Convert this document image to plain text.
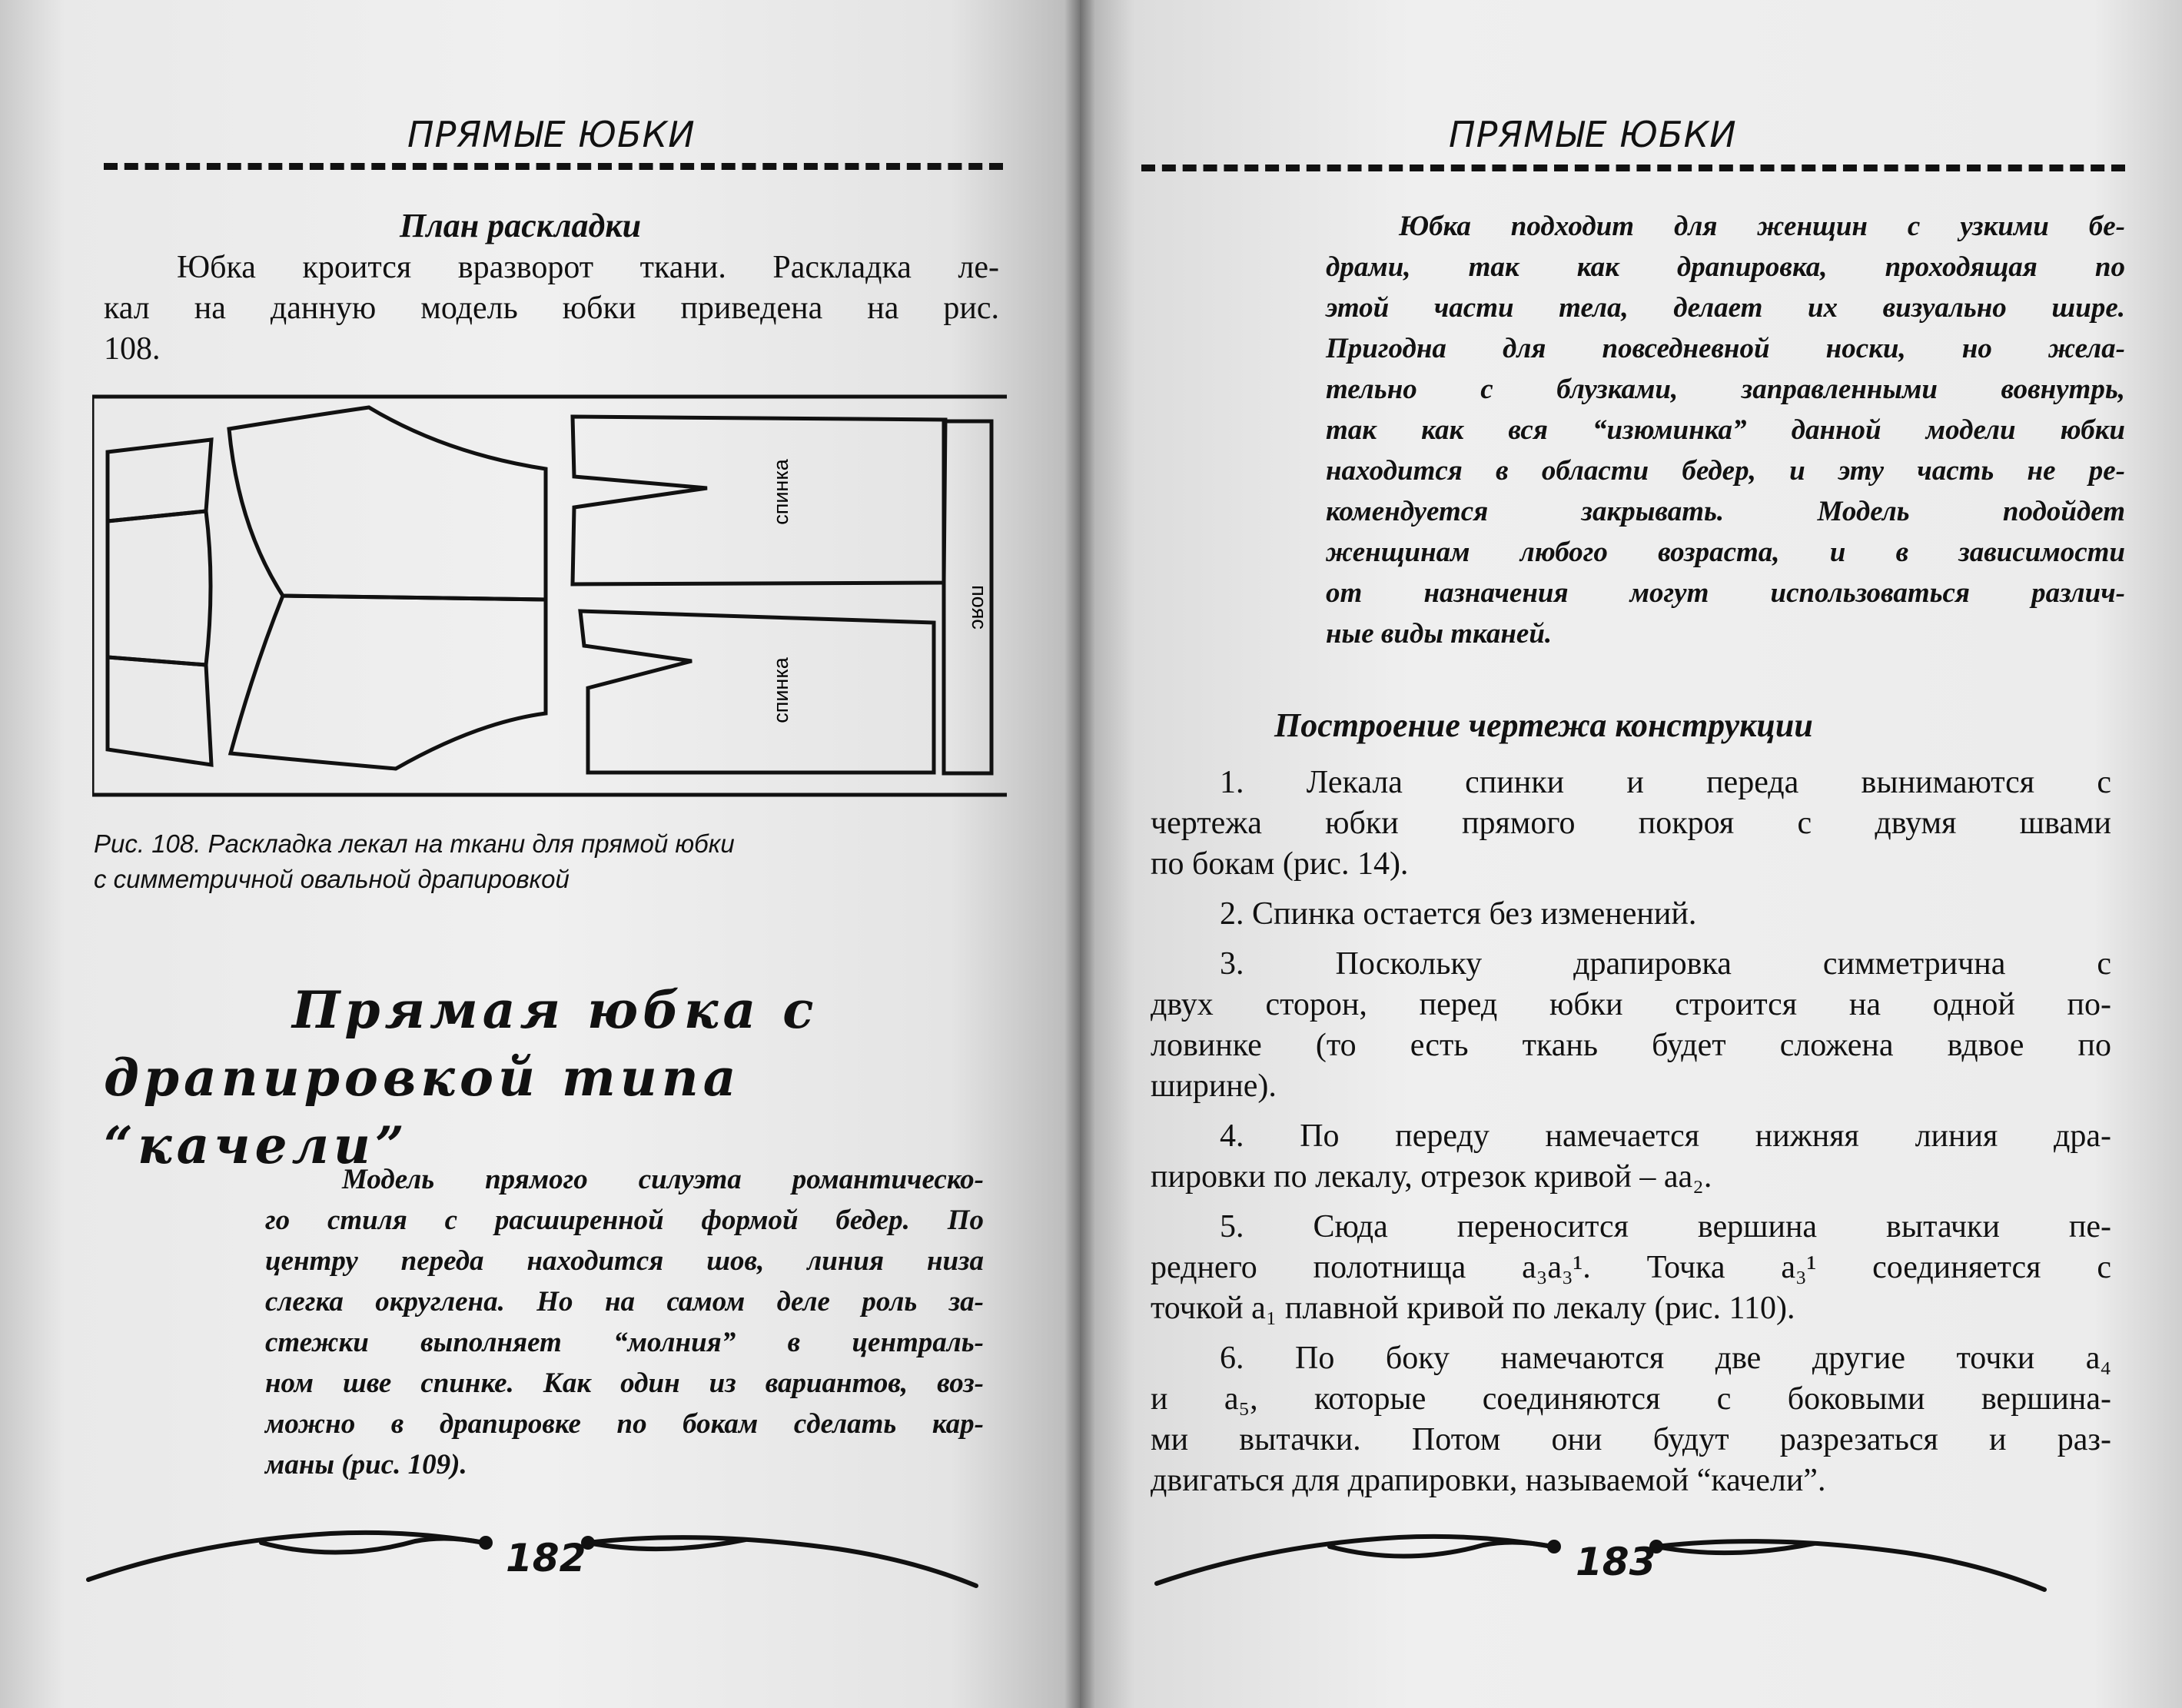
ПРЯМЫЕ ЮБКИ
План раскладки
Юбка кроится вразворот ткани. Раскладка ле-
кал на данную модель юбки приведена на рис.
108.
спинка
спинка
пояс
Рис. 108. Раскладка лекал на ткани для прямой юбки
с симметричной овальной драпировкой
Прямая юбка с
драпировкой типа “качели”
Модель прямого силуэта романтическо-
го стиля с расширенной формой бедер. По
центру переда находится шов, линия низа
слегка округлена. Но на самом деле роль за-
стежки выполняет “молния” в централь-
ном шве спинке. Как один из вариантов, воз-
можно в драпировке по бокам сделать кар-
маны (рис. 109).
182
ПРЯМЫЕ ЮБКИ
Юбка подходит для женщин с узкими бе-
драми, так как драпировка, проходящая по
этой части тела, делает их визуально шире.
Пригодна для повседневной носки, но жела-
тельно с блузками, заправленными вовнутрь,
так как вся “изюминка” данной модели юбки
находится в области бедер, и эту часть не ре-
комендуется закрывать. Модель подойдет
женщинам любого возраста, и в зависимости
от назначения могут использоваться различ-
ные виды тканей.
Построение чертежа конструкции
1. Лекала спинки и переда вынимаются с
чертежа юбки прямого покроя с двумя швами
по бокам (рис. 14).
2. Спинка остается без изменений.
3. Поскольку драпировка симметрична с
двух сторон, перед юбки строится на одной по-
ловинке (то есть ткань будет сложена вдвое по
ширине).
4. По переду намечается нижняя линия дра-
пировки по лекалу, отрезок кривой – аа₂.
5. Сюда переносится вершина вытачки пе-
реднего полотнища а₃а₃¹. Точка а₃¹ соединяется с
точкой а₁ плавной кривой по лекалу (рис. 110).
6. По боку намечаются две другие точки а₄
и а₅, которые соединяются с боковыми вершина-
ми вытачки. Потом они будут разрезаться и раз-
двигаться для драпировки, называемой “качели”.
183
